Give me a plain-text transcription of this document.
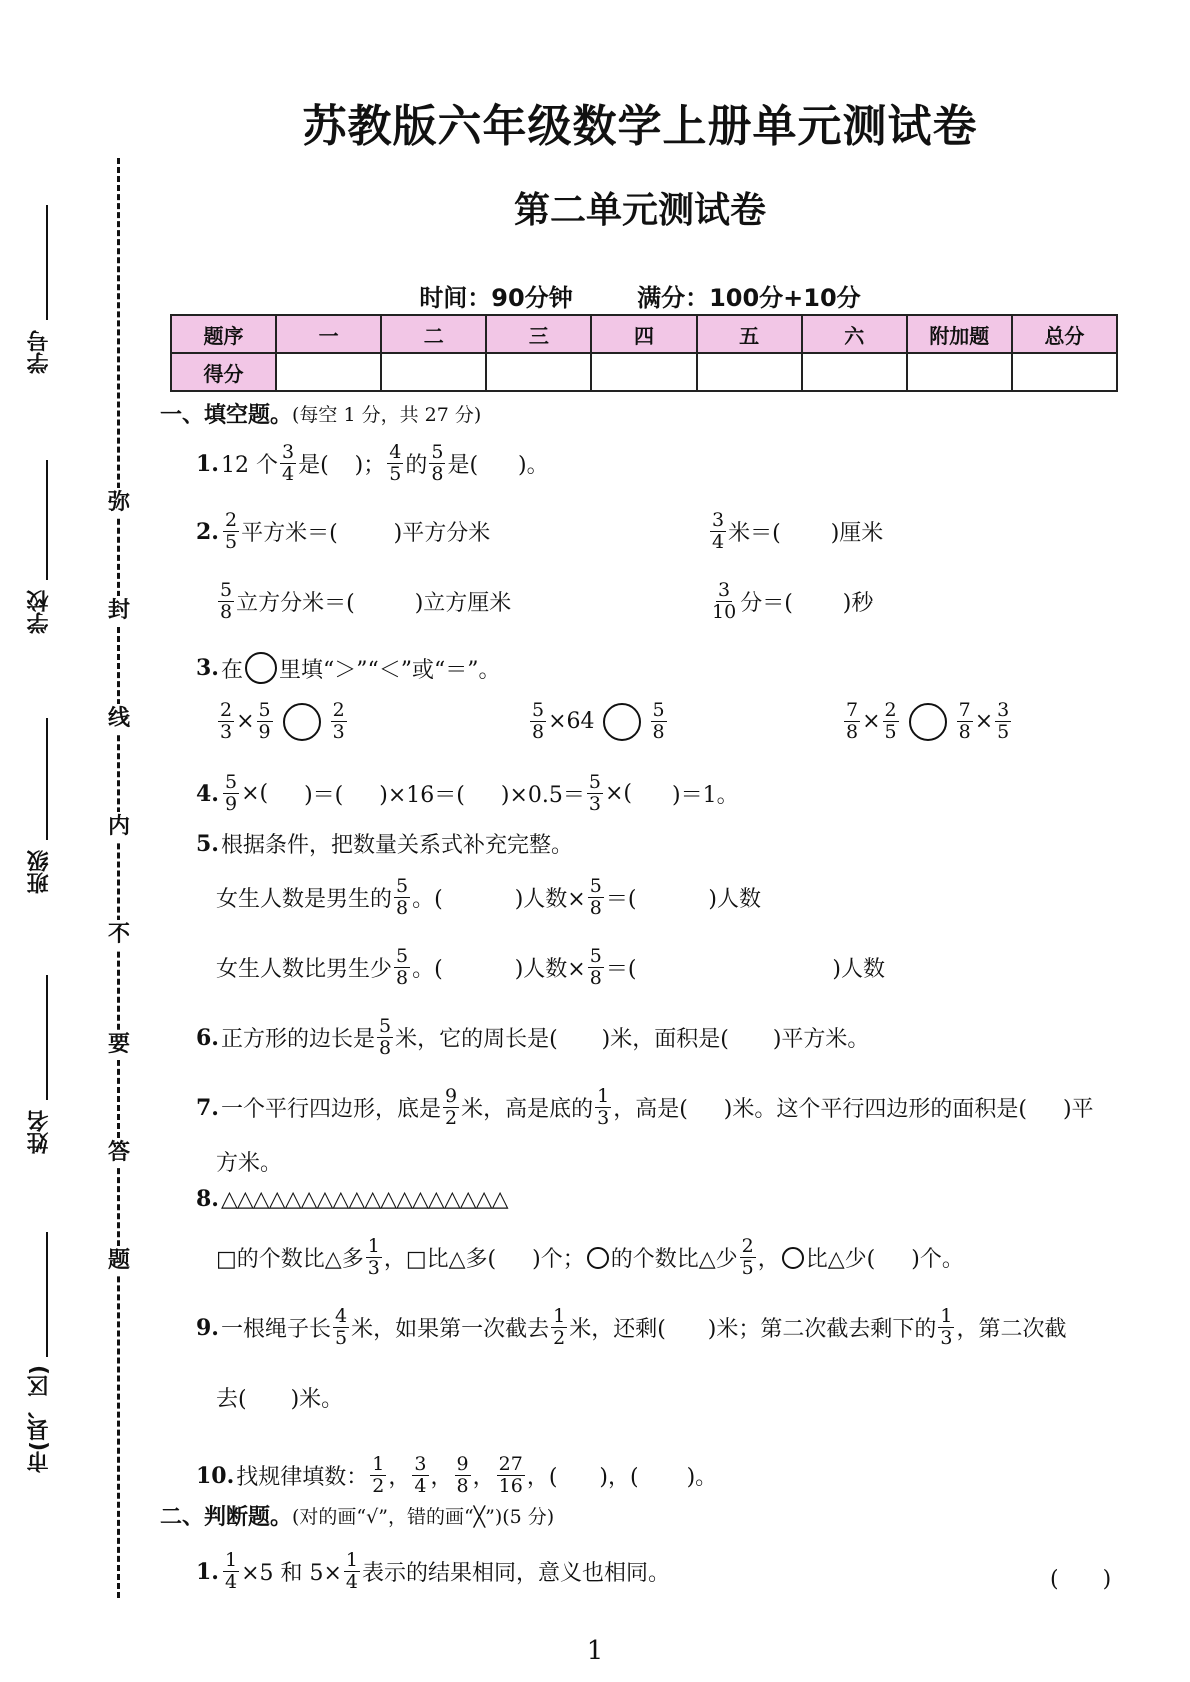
学号
学校
班级
姓名
市(县、区)
弥
封
线
内
不
要
答
题
苏教版六年级数学上册单元测试卷
第二单元测试卷
时间：90分钟	满分：100分+10分
题序	一	二	三	四	五	六	附加题	总分
得分								
一、填空题。 (每空 1 分，共 27 分)
1. 12 个 $\frac{3}{4}$ 是( )； $\frac{4}{5}$ 的 $\frac{5}{8}$ 是( )。
2. $\frac{2}{5}$ 平方米＝(	)平方分米	$\frac{3}{4}$ 米＝( )厘米
$\frac{5}{8}$ 立方分米＝(	)立方厘米	$\frac{3}{10}$ 分＝( )秒
3. 在 里填“＞”“＜”或“＝”。
$\frac{2}{3} \times \frac{5}{9}$	$\frac{2}{3}$	$\frac{5}{8} \times 64$	$\frac{5}{8}$	$\frac{7}{8} \times \frac{2}{5}$	$\frac{7}{8} \times \frac{3}{5}$
4. $\frac{5}{9}$ ×( )＝( )×16＝( )$\times 0.5= \frac{5}{3}$ ×( )＝1。
5. 根据条件，把数量关系式补充完整。
女生人数是男生的 $\frac{5}{8}$ 。(	)人数× $\frac{5}{8}$ ＝(	)人数
女生人数比男生少 $\frac{5}{8}$ 。(	)人数× $\frac{5}{8}$ ＝(	)人数
6. 正方形的边长是 $\frac{5}{8}$ 米，它的周长是( )米，面积是( )平方米。
7. 一个平行四边形，底是 $\frac{9}{2}$ 米，高是底的 $\frac{1}{3}$ ，高是( )米。这个平行四边形的面积是( )平
方米。
8. △△△△△△△△△△△△△△△△△△
□的个数比△多 $\frac{1}{3}$ ，□比△多( )个； 的个数比△少 $\frac{2}{5}$ ， 比△少( )个。
9. 一根绳子长 $\frac{4}{5}$ 米，如果第一次截去 $\frac{1}{2}$ 米，还剩( )米；第二次截去剩下的 $\frac{1}{3}$ ，第二次截
去( )米。
10. 找规律填数： $\frac{1}{2}$ ， $\frac{3}{4}$ ， $\frac{9}{8}$ ， $\frac{27}{16}$ ，( )，( )。
二、判断题。 (对的画“√”，错的画“╳”)(5 分)
1. $\frac{1}{4} \times 5$ 和 $5\times \frac{1}{4}$ 表示的结果相同，意义也相同。	(　　)
1
